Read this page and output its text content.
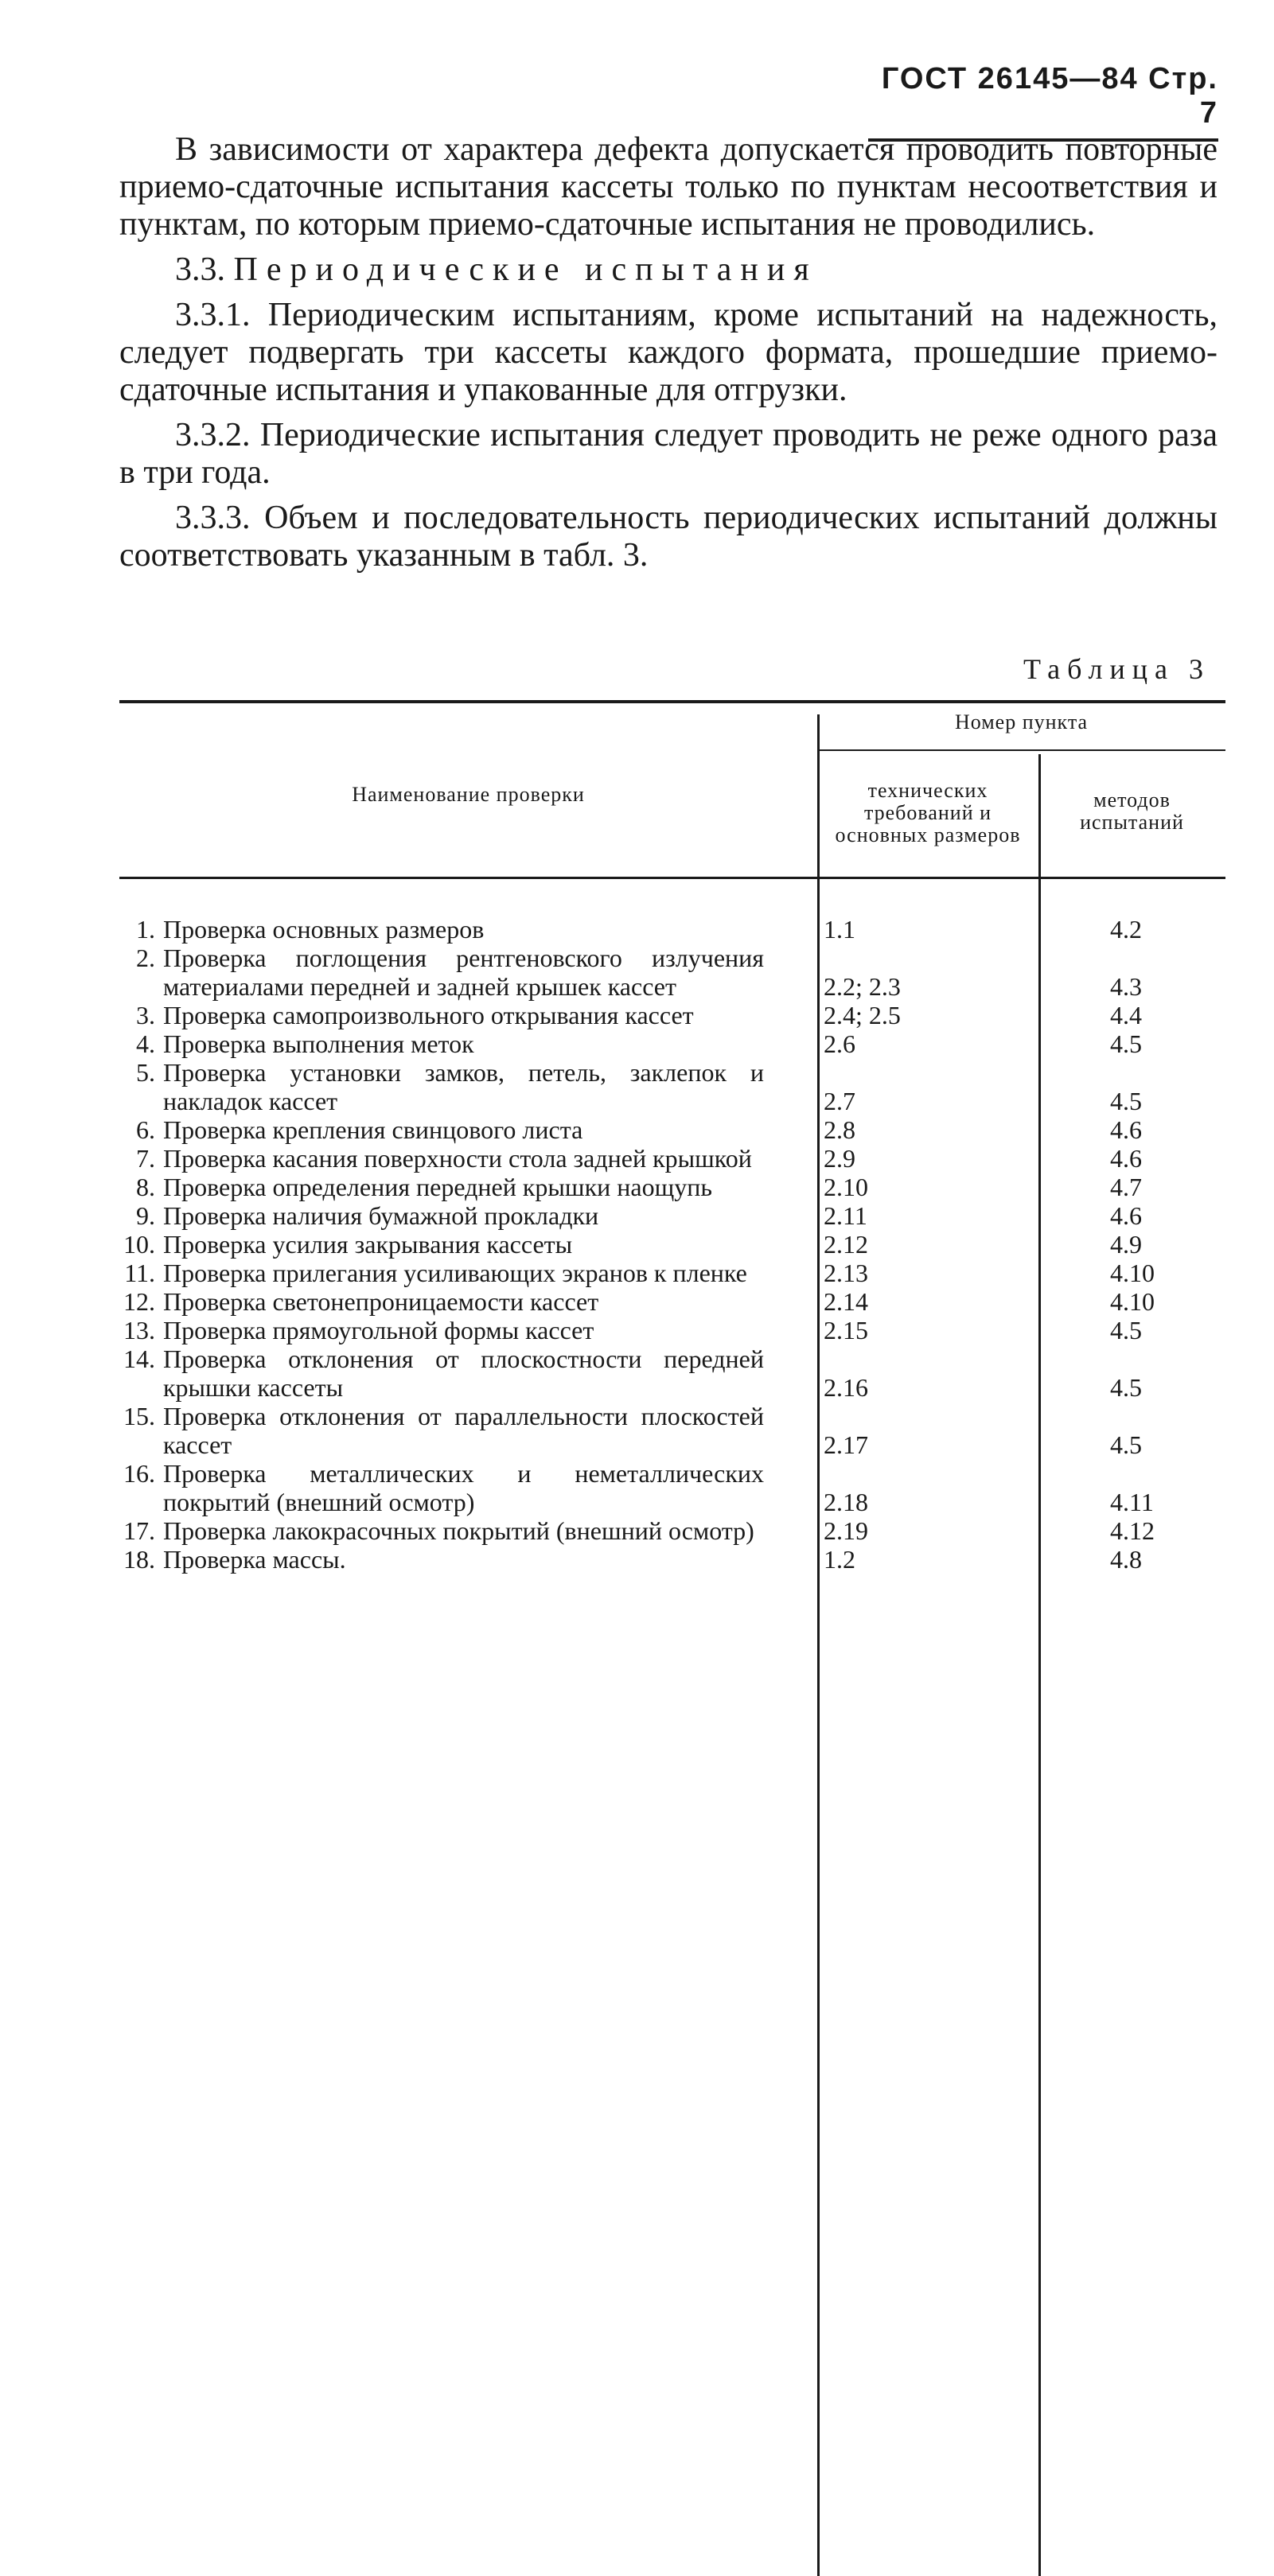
ГОСТ 26145—84 Стр. 7

В зависимости от характера дефекта допускается проводить повторные приемо-сдаточные испытания кассеты только по пунктам несоответствия и пунктам, по которым приемо-сдаточные испытания не проводились.

3.3. Периодические испытания

3.3.1. Периодическим испытаниям, кроме испытаний на надежность, следует подвергать три кассеты каждого формата, прошедшие приемо-сдаточные испытания и упакованные для отгрузки.

3.3.2. Периодические испытания следует проводить не реже одного раза в три года.

3.3.3. Объем и последовательность периодических испытаний должны соответствовать указанным в табл. 3.

Таблица 3
Наименование проверки
Номер пункта
технических требований и основных размеров
методов испытаний
1. Проверка основных размеров	1.1	4.2
2. Проверка поглощения рентгеновского излучения материалами передней и задней крышек кассет	2.2; 2.3	4.3
3. Проверка самопроизвольного открывания кассет	2.4; 2.5	4.4
4. Проверка выполнения меток	2.6	4.5
5. Проверка установки замков, петель, заклепок и накладок кассет	2.7	4.5
6. Проверка крепления свинцового листа	2.8	4.6
7. Проверка касания поверхности стола задней крышкой	2.9	4.6
8. Проверка определения передней крышки наощупь	2.10	4.7
9. Проверка наличия бумажной прокладки	2.11	4.6
10. Проверка усилия закрывания кассеты	2.12	4.9
11. Проверка прилегания усиливающих экранов к пленке	2.13	4.10
12. Проверка светонепроницаемости кассет	2.14	4.10
13. Проверка прямоугольной формы кассет	2.15	4.5
14. Проверка отклонения от плоскостности передней крышки кассеты	2.16	4.5
15. Проверка отклонения от параллельности плоскостей кассет	2.17	4.5
16. Проверка металлических и неметаллических покрытий (внешний осмотр)	2.18	4.11
17. Проверка лакокрасочных покрытий (внешний осмотр)	2.19	4.12
18. Проверка массы.	1.2	4.8
